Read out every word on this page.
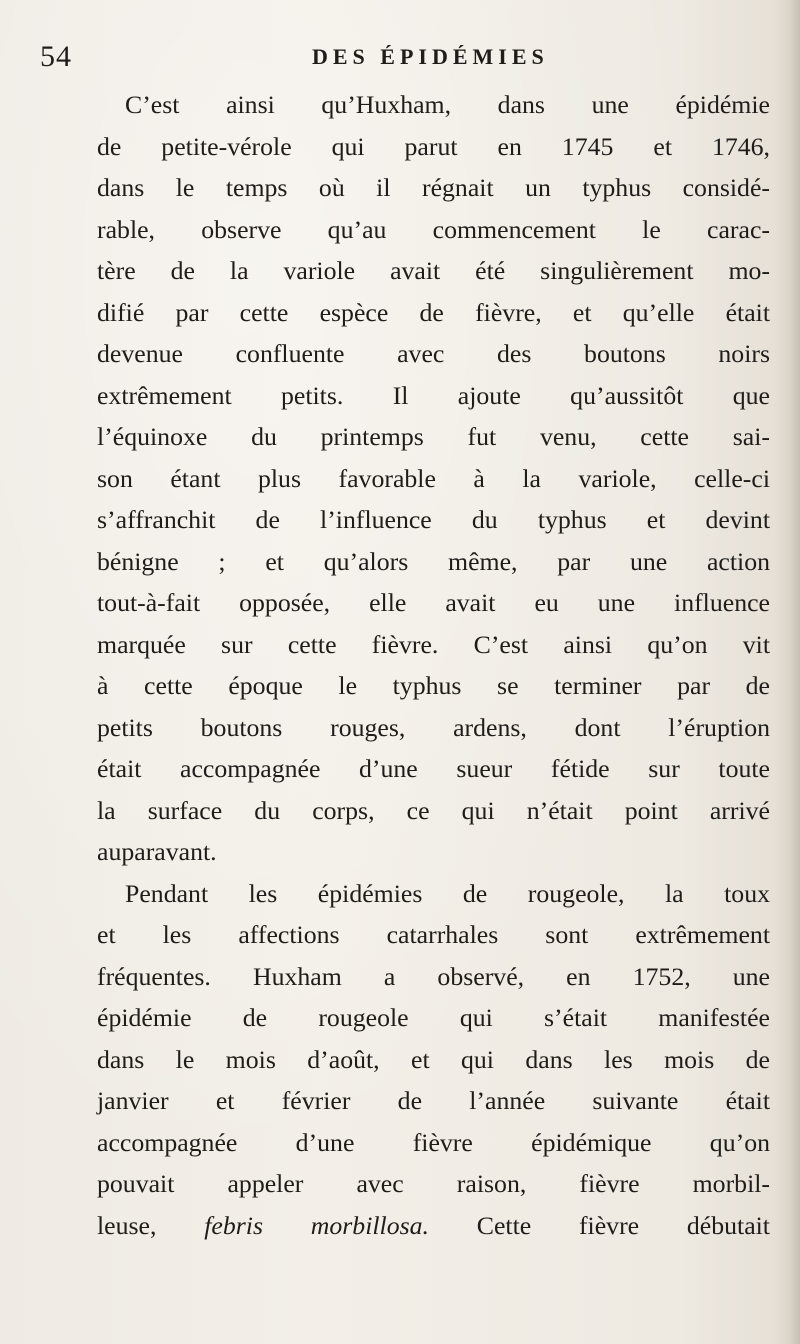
54	DES ÉPIDÉMIES
C’est ainsi qu’Huxham, dans une épidémie
de petite-vérole qui parut en 1745 et 1746,
dans le temps où il régnait un typhus considé-
rable, observe qu’au commencement le carac-
tère de la variole avait été singulièrement mo-
difié par cette espèce de fièvre, et qu’elle était
devenue confluente avec des boutons noirs
extrêmement petits. Il ajoute qu’aussitôt que
l’équinoxe du printemps fut venu, cette sai-
son étant plus favorable à la variole, celle-ci
s’affranchit de l’influence du typhus et devint
bénigne ; et qu’alors même, par une action
tout-à-fait opposée, elle avait eu une influence
marquée sur cette fièvre. C’est ainsi qu’on vit
à cette époque le typhus se terminer par de
petits boutons rouges, ardens, dont l’éruption
était accompagnée d’une sueur fétide sur toute
la surface du corps, ce qui n’était point arrivé
auparavant.
Pendant les épidémies de rougeole, la toux
et les affections catarrhales sont extrêmement
fréquentes. Huxham a observé, en 1752, une
épidémie de rougeole qui s’était manifestée
dans le mois d’août, et qui dans les mois de
janvier et février de l’année suivante était
accompagnée d’une fièvre épidémique qu’on
pouvait appeler avec raison, fièvre morbil-
leuse, febris morbillosa. Cette fièvre débutait
